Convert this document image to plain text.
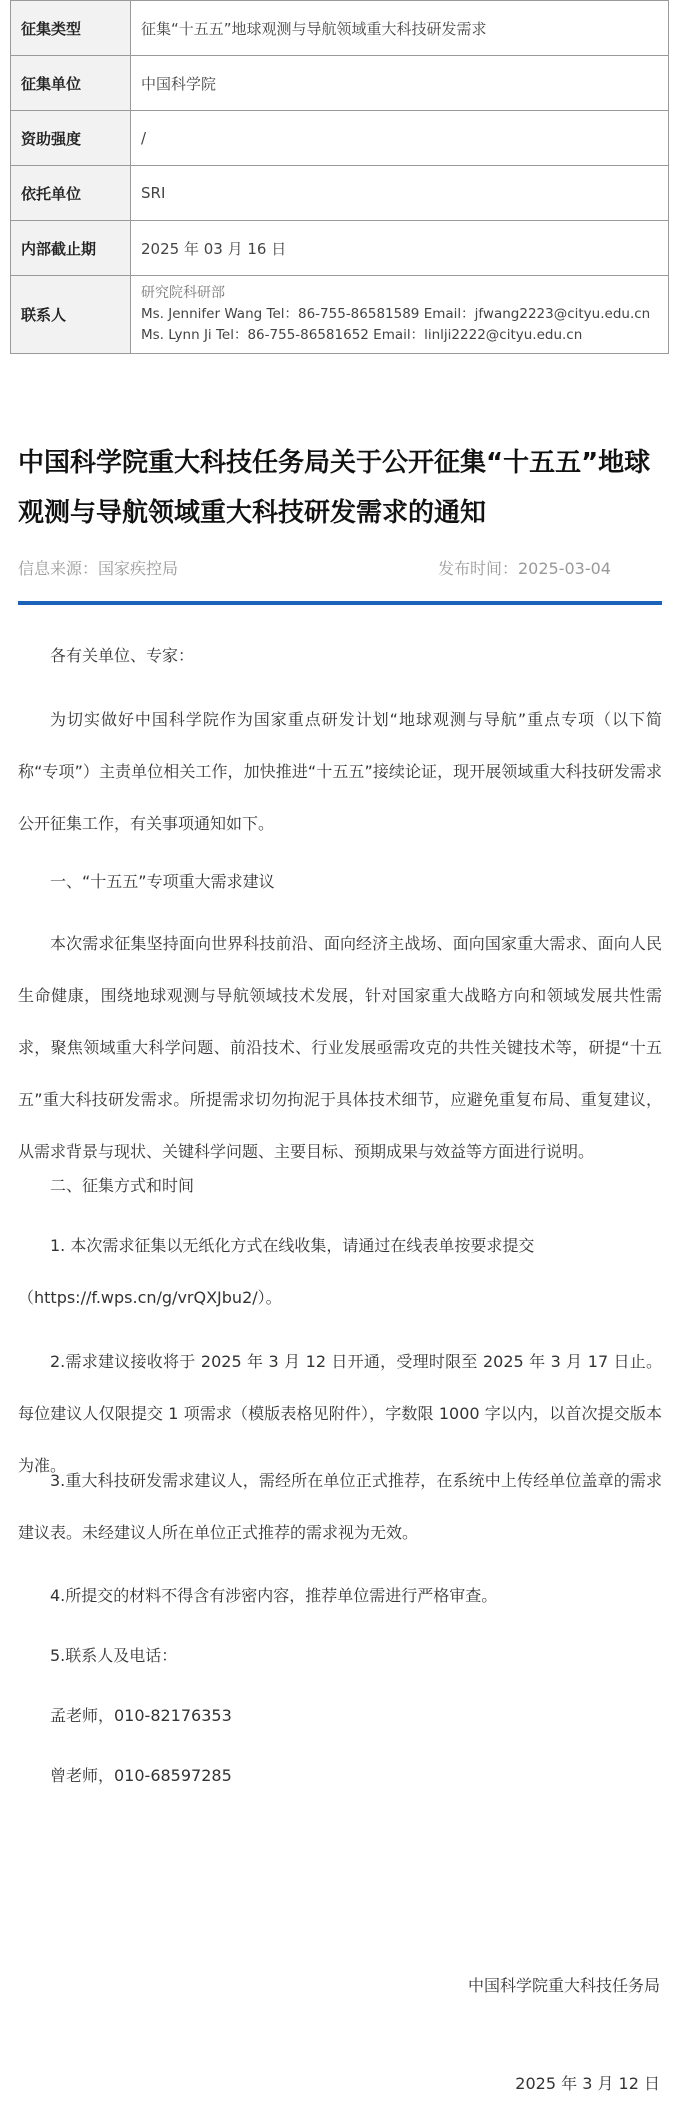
征集类型	征集“十五五”地球观测与导航领域重大科技研发需求
征集单位	中国科学院
资助强度	/
依托单位	SRI
内部截止期	2025 年 03 月 16 日
联系人	研究院科研部
Ms. Jennifer Wang Tel：86-755-86581589 Email：jfwang2223@cityu.edu.cn
Ms. Lynn Ji Tel：86-755-86581652 Email：linlji2222@cityu.edu.cn
中国科学院重大科技任务局关于公开征集“十五五”地球观测与导航领域重大科技研发需求的通知
信息来源：国家疾控局	发布时间：2025-03-04

各有关单位、专家：

为切实做好中国科学院作为国家重点研发计划“地球观测与导航”重点专项（以下简称“专项”）主责单位相关工作，加快推进“十五五”接续论证，现开展领域重大科技研发需求公开征集工作，有关事项通知如下。

一、“十五五”专项重大需求建议

本次需求征集坚持面向世界科技前沿、面向经济主战场、面向国家重大需求、面向人民生命健康，围绕地球观测与导航领域技术发展，针对国家重大战略方向和领域发展共性需求，聚焦领域重大科学问题、前沿技术、行业发展亟需攻克的共性关键技术等，研提“十五五”重大科技研发需求。所提需求切勿拘泥于具体技术细节，应避免重复布局、重复建议，从需求背景与现状、关键科学问题、主要目标、预期成果与效益等方面进行说明。

二、征集方式和时间

1. 本次需求征集以无纸化方式在线收集，请通过在线表单按要求提交（https://f.wps.cn/g/vrQXJbu2/）。

2.需求建议接收将于 2025 年 3 月 12 日开通，受理时限至 2025 年 3 月 17 日止。每位建议人仅限提交 1 项需求（模版表格见附件），字数限 1000 字以内，以首次提交版本为准。

3.重大科技研发需求建议人，需经所在单位正式推荐，在系统中上传经单位盖章的需求建议表。未经建议人所在单位正式推荐的需求视为无效。

4.所提交的材料不得含有涉密内容，推荐单位需进行严格审查。

5.联系人及电话：

孟老师，010-82176353

曾老师，010-68597285

中国科学院重大科技任务局

2025 年 3 月 12 日
